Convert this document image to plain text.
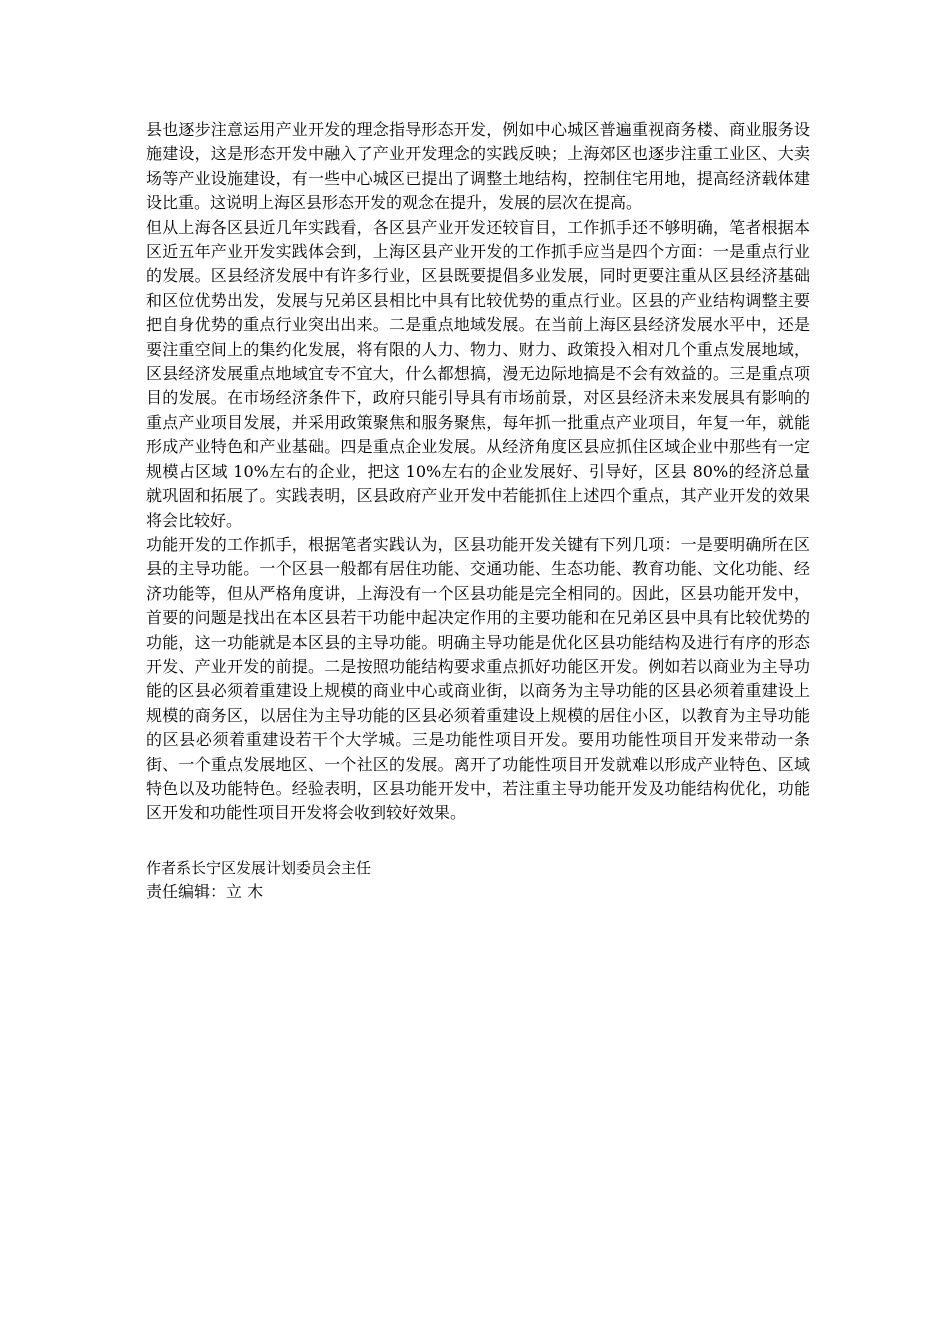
县也逐步注意运用产业开发的理念指导形态开发，例如中心城区普遍重视商务楼、商业服务设施建设，这是形态开发中融入了产业开发理念的实践反映；上海郊区也逐步注重工业区、大卖场等产业设施建设，有一些中心城区已提出了调整土地结构，控制住宅用地，提高经济载体建设比重。这说明上海区县形态开发的观念在提升，发展的层次在提高。

但从上海各区县近几年实践看，各区县产业开发还较盲目，工作抓手还不够明确，笔者根据本区近五年产业开发实践体会到，上海区县产业开发的工作抓手应当是四个方面：一是重点行业的发展。区县经济发展中有许多行业，区县既要提倡多业发展，同时更要注重从区县经济基础和区位优势出发，发展与兄弟区县相比中具有比较优势的重点行业。区县的产业结构调整主要把自身优势的重点行业突出出来。二是重点地域发展。在当前上海区县经济发展水平中，还是要注重空间上的集约化发展，将有限的人力、物力、财力、政策投入相对几个重点发展地域，区县经济发展重点地域宜专不宜大，什么都想搞，漫无边际地搞是不会有效益的。三是重点项目的发展。在市场经济条件下，政府只能引导具有市场前景，对区县经济未来发展具有影响的重点产业项目发展，并采用政策聚焦和服务聚焦，每年抓一批重点产业项目，年复一年，就能形成产业特色和产业基础。四是重点企业发展。从经济角度区县应抓住区域企业中那些有一定规模占区域 10%左右的企业，把这 10%左右的企业发展好、引导好，区县 80%的经济总量就巩固和拓展了。实践表明，区县政府产业开发中若能抓住上述四个重点，其产业开发的效果将会比较好。

功能开发的工作抓手，根据笔者实践认为，区县功能开发关键有下列几项：一是要明确所在区县的主导功能。一个区县一般都有居住功能、交通功能、生态功能、教育功能、文化功能、经济功能等，但从严格角度讲，上海没有一个区县功能是完全相同的。因此，区县功能开发中，首要的问题是找出在本区县若干功能中起决定作用的主要功能和在兄弟区县中具有比较优势的功能，这一功能就是本区县的主导功能。明确主导功能是优化区县功能结构及进行有序的形态开发、产业开发的前提。二是按照功能结构要求重点抓好功能区开发。例如若以商业为主导功能的区县必须着重建设上规模的商业中心或商业街，以商务为主导功能的区县必须着重建设上规模的商务区，以居住为主导功能的区县必须着重建设上规模的居住小区，以教育为主导功能的区县必须着重建设若干个大学城。三是功能性项目开发。要用功能性项目开发来带动一条街、一个重点发展地区、一个社区的发展。离开了功能性项目开发就难以形成产业特色、区域特色以及功能特色。经验表明，区县功能开发中，若注重主导功能开发及功能结构优化，功能区开发和功能性项目开发将会收到较好效果。

作者系长宁区发展计划委员会主任

责任编辑：立 木
